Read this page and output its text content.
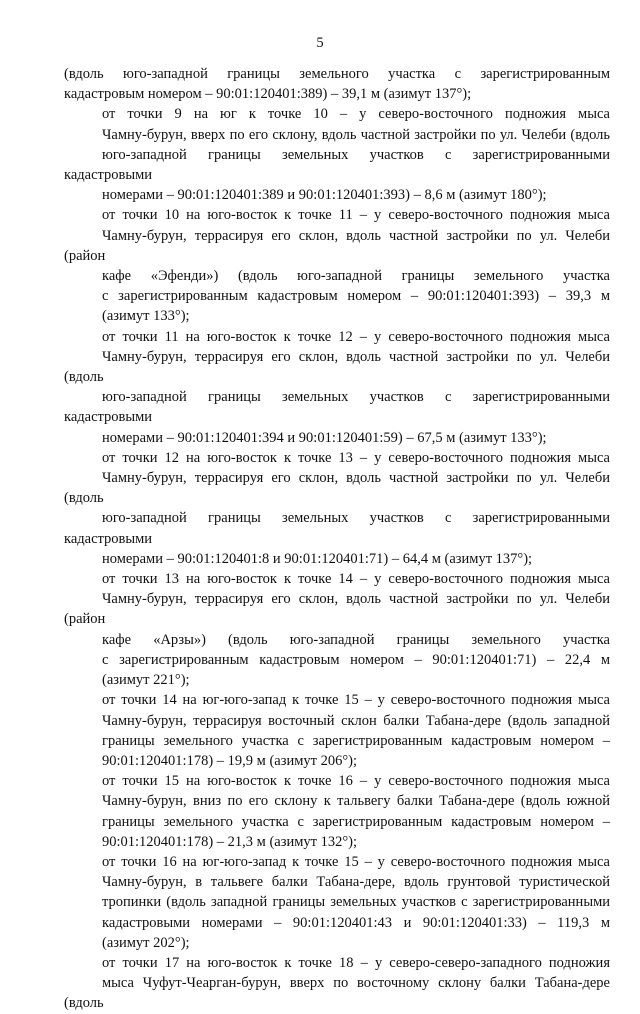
5
(вдоль юго-западной границы земельного участка с зарегистрированным
кадастровым номером – 90:01:120401:389) – 39,1 м (азимут 137°);
от точки 9 на юг к точке 10 – у северо-восточного подножия мыса
Чамну-бурун, вверх по его склону, вдоль частной застройки по ул. Челеби (вдоль
юго-западной границы земельных участков с зарегистрированными кадастровыми
номерами – 90:01:120401:389 и 90:01:120401:393) – 8,6 м (азимут 180°);
от точки 10 на юго-восток к точке 11 – у северо-восточного подножия мыса
Чамну-бурун, террасируя его склон, вдоль частной застройки по ул. Челеби (район
кафе «Эфенди») (вдоль юго-западной границы земельного участка
с зарегистрированным кадастровым номером – 90:01:120401:393) – 39,3 м
(азимут 133°);
от точки 11 на юго-восток к точке 12 – у северо-восточного подножия мыса
Чамну-бурун, террасируя его склон, вдоль частной застройки по ул. Челеби (вдоль
юго-западной границы земельных участков с зарегистрированными кадастровыми
номерами – 90:01:120401:394 и 90:01:120401:59) – 67,5 м (азимут 133°);
от точки 12 на юго-восток к точке 13 – у северо-восточного подножия мыса
Чамну-бурун, террасируя его склон, вдоль частной застройки по ул. Челеби (вдоль
юго-западной границы земельных участков с зарегистрированными кадастровыми
номерами – 90:01:120401:8 и 90:01:120401:71) – 64,4 м (азимут 137°);
от точки 13 на юго-восток к точке 14 – у северо-восточного подножия мыса
Чамну-бурун, террасируя его склон, вдоль частной застройки по ул. Челеби (район
кафе «Арзы») (вдоль юго-западной границы земельного участка
с зарегистрированным кадастровым номером – 90:01:120401:71) – 22,4 м
(азимут 221°);
от точки 14 на юг-юго-запад к точке 15 – у северо-восточного подножия мыса
Чамну-бурун, террасируя восточный склон балки Табана-дере (вдоль западной
границы земельного участка с зарегистрированным кадастровым номером –
90:01:120401:178) – 19,9 м (азимут 206°);
от точки 15 на юго-восток к точке 16 – у северо-восточного подножия мыса
Чамну-бурун, вниз по его склону к тальвегу балки Табана-дере (вдоль южной
границы земельного участка с зарегистрированным кадастровым номером –
90:01:120401:178) – 21,3 м (азимут 132°);
от точки 16 на юг-юго-запад к точке 15 – у северо-восточного подножия мыса
Чамну-бурун, в тальвеге балки Табана-дере, вдоль грунтовой туристической
тропинки (вдоль западной границы земельных участков с зарегистрированными
кадастровыми номерами – 90:01:120401:43 и 90:01:120401:33) – 119,3 м
(азимут 202°);
от точки 17 на юго-восток к точке 18 – у северо-северо-западного подножия
мыса Чуфут-Чеарган-бурун, вверх по восточному склону балки Табана-дере (вдоль
